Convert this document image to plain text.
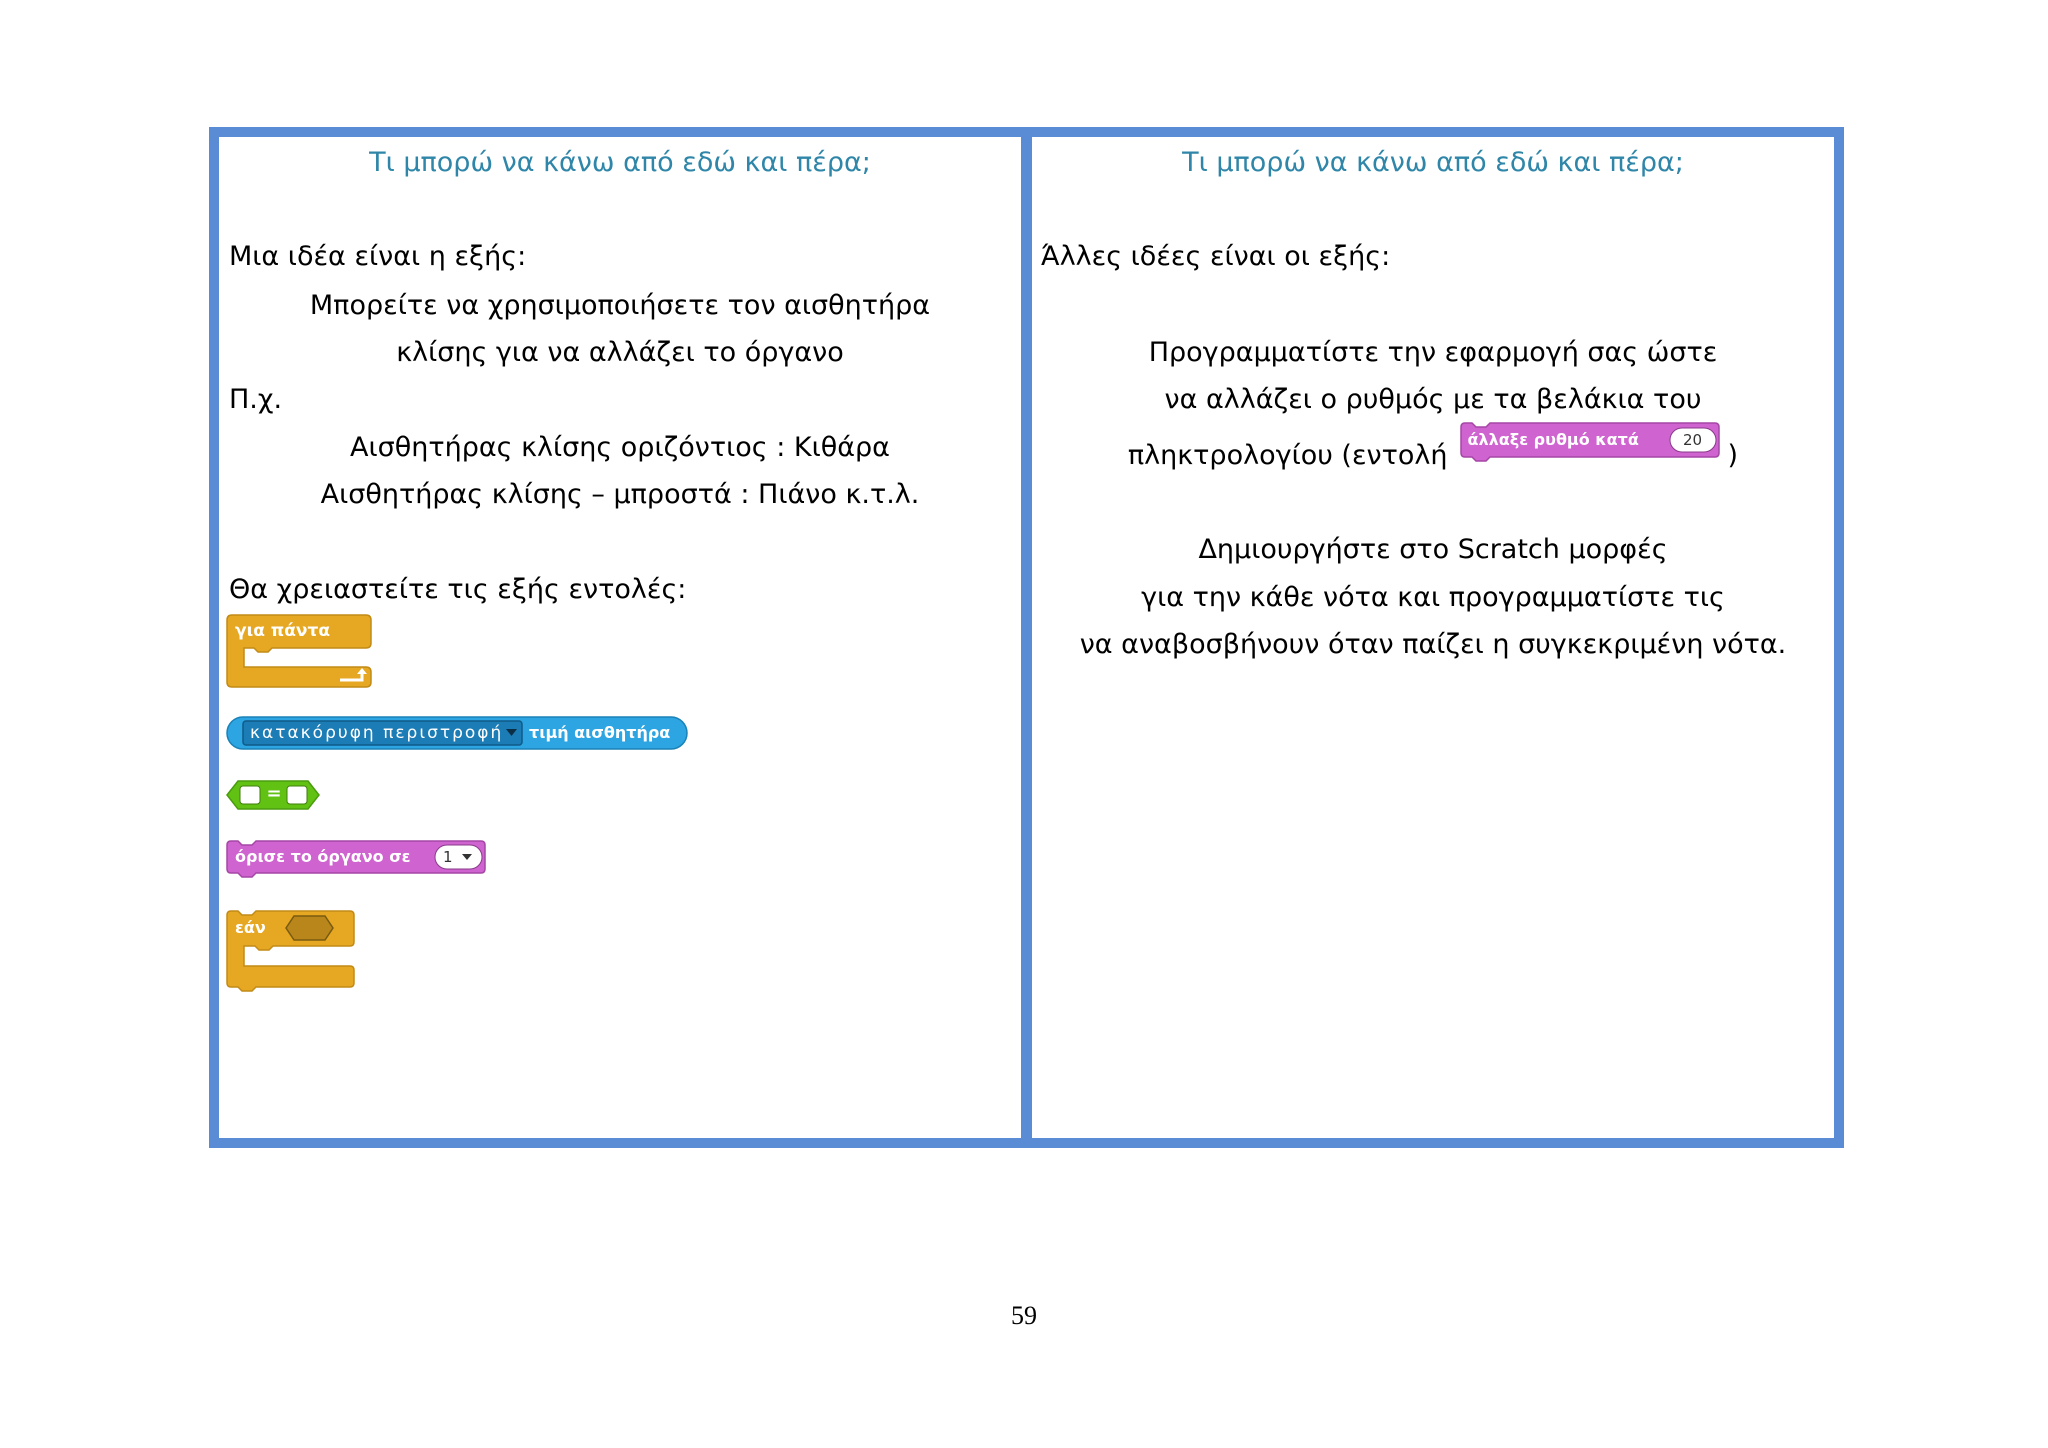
Τι μπορώ να κάνω από εδώ και πέρα;
Μια ιδέα είναι η εξής:
Μπορείτε να χρησιμοποιήσετε τον αισθητήρα
κλίσης για να αλλάζει το όργανο
Π.χ.
Αισθητήρας κλίσης οριζόντιος : Κιθάρα
Αισθητήρας κλίσης – μπροστά : Πιάνο κ.τ.λ.
Θα χρειαστείτε τις εξής εντολές:
για πάντα
κατακόρυφη περιστροφή τιμή αισθητήρα
=
όρισε το όργανο σε 1
εάν
Τι μπορώ να κάνω από εδώ και πέρα;
Άλλες ιδέες είναι οι εξής:
Προγραμματίστε την εφαρμογή σας ώστε
να αλλάζει ο ρυθμός με τα βελάκια του
πληκτρολογίου (εντολή
άλλαξε ρυθμό κατά	20 )
Δημιουργήστε στο Scratch μορφές
για την κάθε νότα και προγραμματίστε τις
να αναβοσβήνουν όταν παίζει η συγκεκριμένη νότα.
59
